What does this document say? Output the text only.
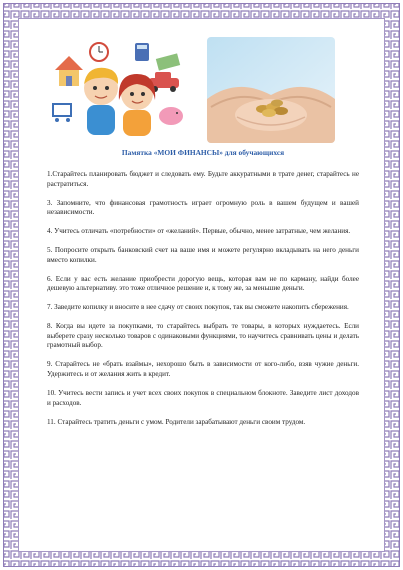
Памятка «МОИ ФИНАНСЫ» для обучающихся

1.Старайтесь планировать бюджет и следовать ему. Будьте аккуратными в трате денег, старайтесь не растратиться.

3. Запомните, что финансовая грамотность играет огромную роль в вашем будущем и вашей независимости.

4. Учитесь отличать «потребности» от «желаний». Первые, обычно, менее затратные, чем желания.

5. Попросите открыть банковский счет на ваше имя и можете регулярно вкладывать на него деньги вместо копилки.

6. Если у вас есть желание приобрести дорогую вещь, которая вам не по карману, найди более дешевую альтернативу. это тоже отличное решение и, к тому же, за меньшие деньги.

7. Заведите копилку и вносите в нее сдачу от своих покупок, так вы сможете накопить сбережения.

8. Когда вы идете за покупками, то старайтесь выбрать те товары, в которых нуждаетесь. Если выберете сразу несколько товаров с одинаковыми функциями, то научитесь сравнивать цены и делать грамотный выбор.

9. Старайтесь не «брать взаймы», нехорошо быть в зависимости от кого-либо, взяв чужие деньги. Удержитесь и от желания жить в кредит.

10. Учитесь вести запись и учет всех своих покупок в специальном блокноте. Заведите лист доходов и расходов.

11. Старайтесь тратить деньги с умом. Родители зарабатывают деньги своим трудом.
